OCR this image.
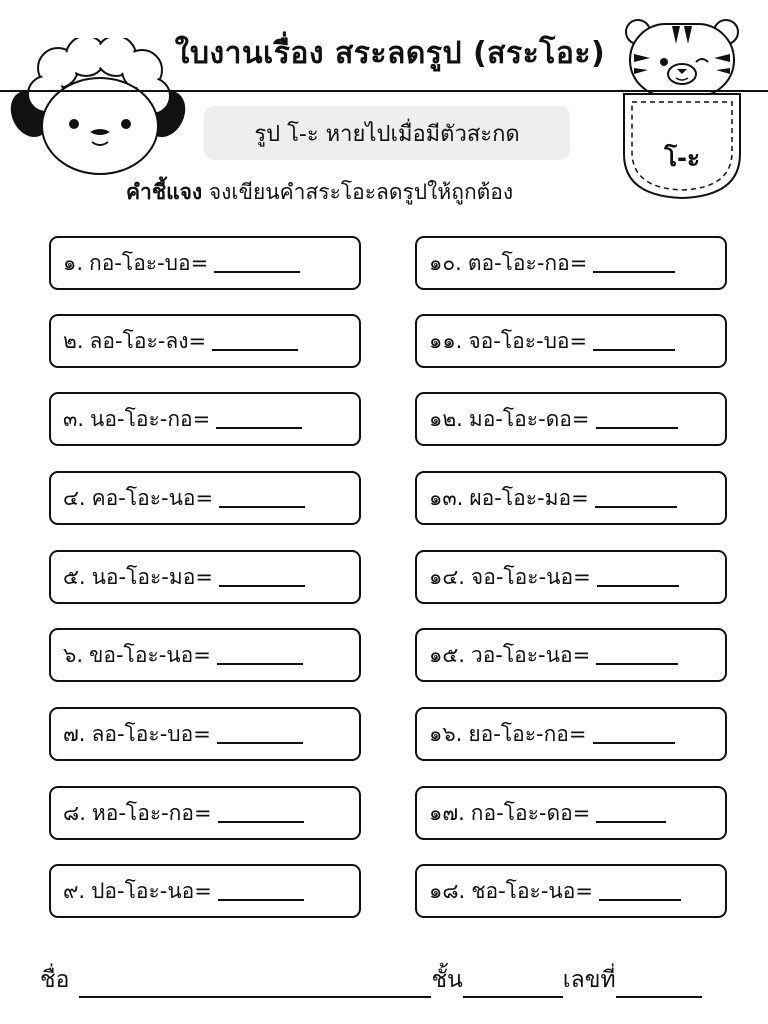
โ-ะ
ใบงานเรื่อง สระลดรูป (สระโอะ)
รูป โ-ะ หายไปเมื่อมีตัวสะกด
คำชี้แจง จงเขียนคำสระโอะลดรูปให้ถูกต้อง
๑. กอ-โอะ-บอ=
๒. ลอ-โอะ-ลง=
๓. นอ-โอะ-กอ=
๔. คอ-โอะ-นอ=
๕. นอ-โอะ-มอ=
๖. ขอ-โอะ-นอ=
๗. ลอ-โอะ-บอ=
๘. หอ-โอะ-กอ=
๙. ปอ-โอะ-นอ=
๑๐. ตอ-โอะ-กอ=
๑๑. จอ-โอะ-บอ=
๑๒. มอ-โอะ-ดอ=
๑๓. ผอ-โอะ-มอ=
๑๔. จอ-โอะ-นอ=
๑๕. วอ-โอะ-นอ=
๑๖. ยอ-โอะ-กอ=
๑๗. กอ-โอะ-ดอ=
๑๘. ชอ-โอะ-นอ=
ชื่อ	ชั้น	เลขที่
